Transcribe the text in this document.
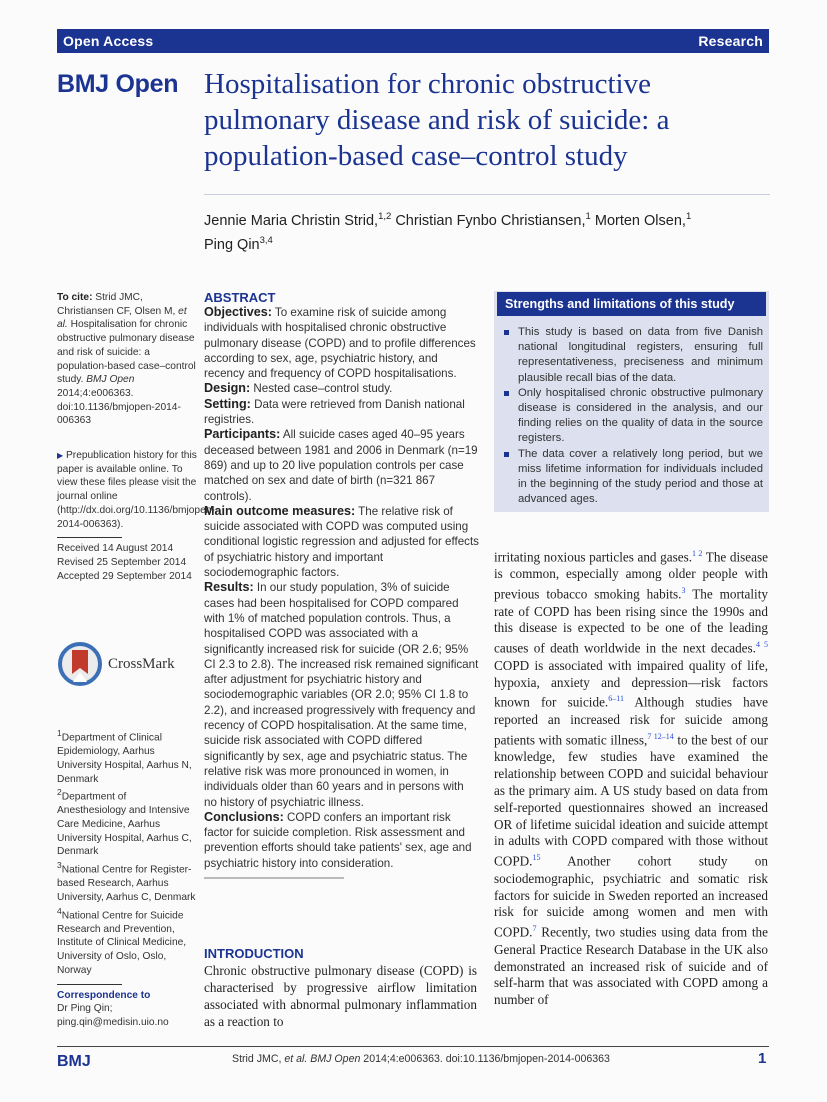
Open Access	Research
BMJ Open Hospitalisation for chronic obstructive pulmonary disease and risk of suicide: a population-based case–control study
Jennie Maria Christin Strid,$^{1,2}$ Christian Fynbo Christiansen,$^1$ Morten Olsen,$^1$
Ping Qin$^{3,4}$
To cite: Strid JMC, Christiansen CF, Olsen M, et al. Hospitalisation for chronic obstructive pulmonary disease and risk of suicide: a population-based case–control study. BMJ Open 2014;4:e006363. doi:10.1136/bmjopen-2014-006363
▶ Prepublication history for this paper is available online. To view these files please visit the journal online (http://dx.doi.org/10.1136/bmjopen-2014-006363).
Received 14 August 2014
Revised 25 September 2014
Accepted 29 September 2014
CrossMark
$^1$Department of Clinical Epidemiology, Aarhus University Hospital, Aarhus N, Denmark
$^2$Department of Anesthesiology and Intensive Care Medicine, Aarhus University Hospital, Aarhus C, Denmark
$^3$National Centre for Register-based Research, Aarhus University, Aarhus C, Denmark
$^4$National Centre for Suicide Research and Prevention, Institute of Clinical Medicine, University of Oslo, Oslo, Norway
Correspondence to
Dr Ping Qin;
ping.qin@medisin.uio.no
ABSTRACT

Objectives: To examine risk of suicide among individuals with hospitalised chronic obstructive pulmonary disease (COPD) and to profile differences according to sex, age, psychiatric history, and recency and frequency of COPD hospitalisations.

Design: Nested case–control study.

Setting: Data were retrieved from Danish national registries.

Participants: All suicide cases aged 40–95 years deceased between 1981 and 2006 in Denmark (n=19 869) and up to 20 live population controls per case matched on sex and date of birth (n=321 867 controls).

Main outcome measures: The relative risk of suicide associated with COPD was computed using conditional logistic regression and adjusted for effects of psychiatric history and important sociodemographic factors.

Results: In our study population, 3% of suicide cases had been hospitalised for COPD compared with 1% of matched population controls. Thus, a hospitalised COPD was associated with a significantly increased risk for suicide (OR 2.6; 95% CI 2.3 to 2.8). The increased risk remained significant after adjustment for psychiatric history and sociodemographic variables (OR 2.0; 95% CI 1.8 to 2.2), and increased progressively with frequency and recency of COPD hospitalisation. At the same time, suicide risk associated with COPD differed significantly by sex, age and psychiatric status. The relative risk was more pronounced in women, in individuals older than 60 years and in persons with no history of psychiatric illness.

Conclusions: COPD confers an important risk factor for suicide completion. Risk assessment and prevention efforts should take patients' sex, age and psychiatric history into consideration.

INTRODUCTION
Chronic obstructive pulmonary disease (COPD) is characterised by progressive airflow limitation associated with abnormal pulmonary inflammation as a reaction to
Strengths and limitations of this study
This study is based on data from five Danish national longitudinal registers, ensuring full representativeness, preciseness and minimum plausible recall bias of the data.
Only hospitalised chronic obstructive pulmonary disease is considered in the analysis, and our finding relies on the quality of data in the source registers.
The data cover a relatively long period, but we miss lifetime information for individuals included in the beginning of the study period and those at advanced ages.
irritating noxious particles and gases.$^{1 2}$ The disease is common, especially among older people with previous tobacco smoking habits.$^3$ The mortality rate of COPD has been rising since the 1990s and this disease is expected to be one of the leading causes of death worldwide in the next decades.$^{4 5}$ COPD is associated with impaired quality of life, hypoxia, anxiety and depression—risk factors known for suicide.$^{6-11}$ Although studies have reported an increased risk for suicide among patients with somatic illness,$^{7 12-14}$ to the best of our knowledge, few studies have examined the relationship between COPD and suicidal behaviour as the primary aim. A US study based on data from self-reported questionnaires showed an increased OR of lifetime suicidal ideation and suicide attempt in adults with COPD compared with those without COPD.$^{15}$ Another cohort study on sociodemographic, psychiatric and somatic risk factors for suicide in Sweden reported an increased risk for suicide among women and men with COPD.$^7$ Recently, two studies using data from the General Practice Research Database in the UK also demonstrated an increased risk of suicide and of self-harm that was associated with COPD among a number of
BMJ	Strid JMC, et al. BMJ Open 2014;4:e006363. doi:10.1136/bmjopen-2014-006363	1
